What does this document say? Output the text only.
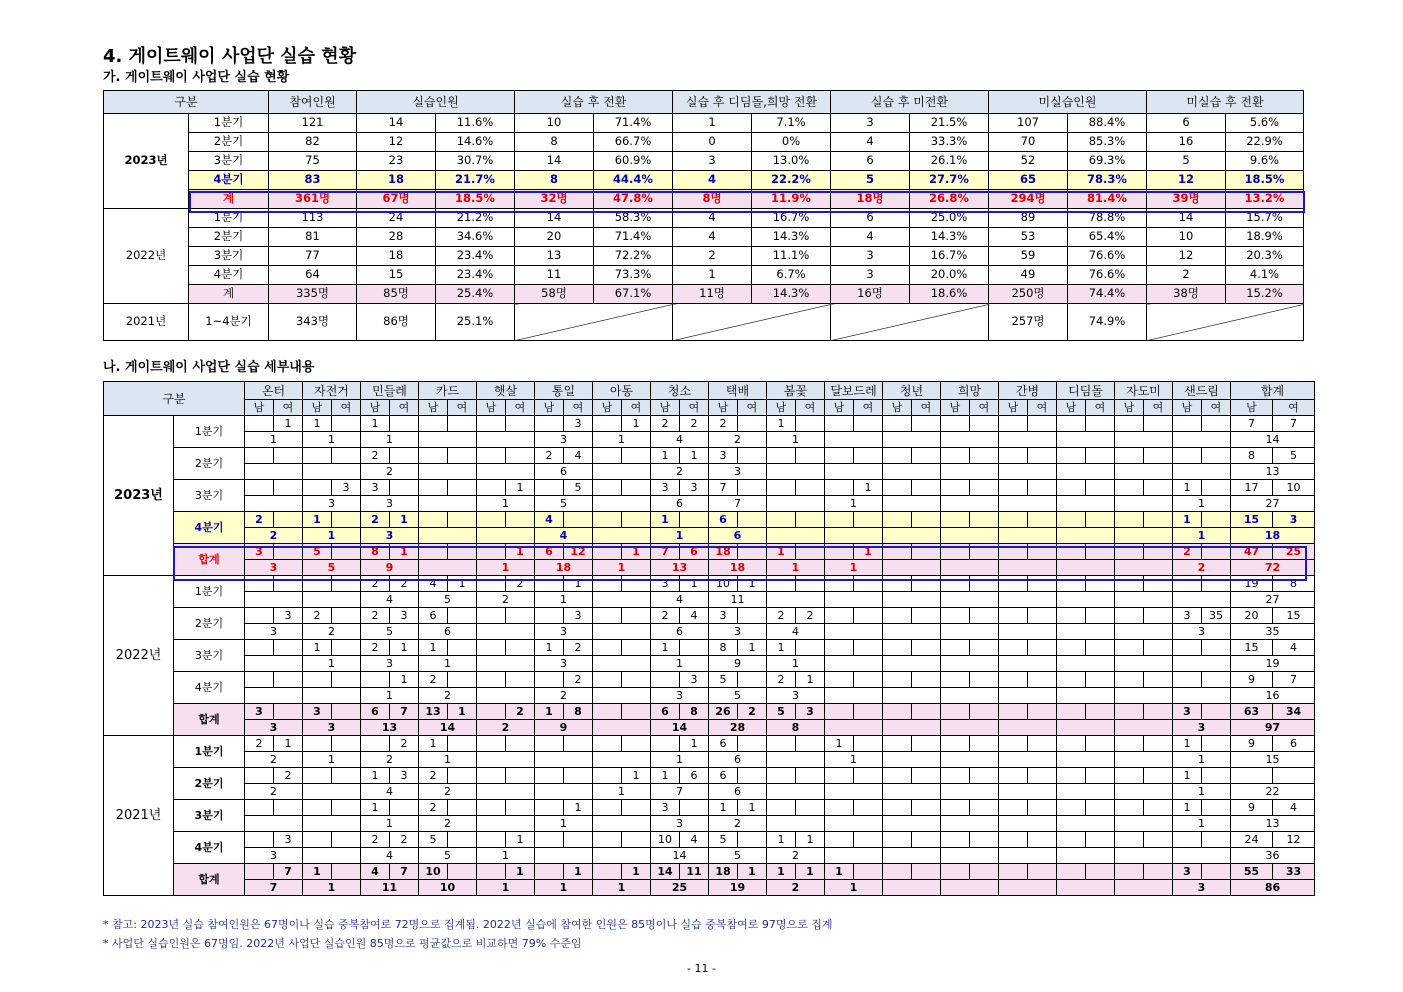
4. 게이트웨이 사업단 실습 현황
가. 게이트웨이 사업단 실습 현황
구분		참여인원	실습인원		실습 후 전환		실습 후 디딤돌,희망 전환		실습 후 미전환		미실습인원		미실습 후 전환	
2023년	1분기	121	14	11.6%	10	71.4%	1	7.1%	3	21.5%	107	88.4%	6	5.6%
	2분기	82	12	14.6%	8	66.7%	0	0%	4	33.3%	70	85.3%	16	22.9%
	3분기	75	23	30.7%	14	60.9%	3	13.0%	6	26.1%	52	69.3%	5	9.6%
	4분기	83	18	21.7%	8	44.4%	4	22.2%	5	27.7%	65	78.3%	12	18.5%
	계	361명	67명	18.5%	32명	47.8%	8명	11.9%	18명	26.8%	294명	81.4%	39명	13.2%
2022년	1분기	113	24	21.2%	14	58.3%	4	16.7%	6	25.0%	89	78.8%	14	15.7%
	2분기	81	28	34.6%	20	71.4%	4	14.3%	4	14.3%	53	65.4%	10	18.9%
	3분기	77	18	23.4%	13	72.2%	2	11.1%	3	16.7%	59	76.6%	12	20.3%
	4분기	64	15	23.4%	11	73.3%	1	6.7%	3	20.0%	49	76.6%	2	4.1%
	계	335명	85명	25.4%	58명	67.1%	11명	14.3%	16명	18.6%	250명	74.4%	38명	15.2%
2021년	1~4분기	343명	86명	25.1%							257명	74.9%		
나. 게이트웨이 사업단 실습 세부내용
구분		온터		자전거		민들레		카드		햇살		통일		아동		청소		택배		봄꽃		달보드레		청년		희망		간병		디딤돌		자도미		샌드림		합계	
		남	여	남	여	남	여	남	여	남	여	남	여	남	여	남	여	남	여	남	여	남	여	남	여	남	여	남	여	남	여	남	여	남	여	남	여
2023년	1분기		1	1		1							3		1	2	2	2		1																7	7
		1		1		1						3		1		4		2		1																14	
	2분기					2						2	4			1	1	3																		8	5
						2						6				2		3																		13	
	3분기				3	3					1		5			3	3	7					1											1		17	10
				3		3				1		5				6		7				1												1		27	
	4분기	2		1		2	1					4				1		6																1		15	3
		2		1		3						4				1		6																1		18	
	합계	3		5		8	1				1	6	12		1	7	6	18		1			1											2		47	25
		3		5		9				1		18		1		13		18		1		1												2		72	
2022년	1분기					2	2	4	1		2		1			3	1	10	1																	19	8
						4		5		2		1				4		11																		27	
	2분기		3	2		2	3	6					3			2	4	3		2	2													3	35	20	15
		3		2		5		6				3				6		3		4														3		35	
	3분기			1		2	1	1				1	2			1		8	1	1																15	4
				1		3		1				3				1		9		1																19	
	4분기						1	2					2				3	5		2	1															9	7
						1		2				2				3		5		3																16	
	합계	3		3		6	7	13	1		2	1	8			6	8	26	2	5	3													3		63	34
		3		3		13		14		2		9				14		28		8														3		97	
2021년	1분기	2	1				2	1									1	6				1												1		9	6
		2		1		2		1								1		6				1												1		15	
	2분기		2			1	3	2							1	1	6	6																1			
		2				4		2						1		7		6																1		22	
	3분기					1		2					1			3		1	1															1		9	4
						1		2				1				3		2																1		13	
	4분기		3			2	2	5			1					10	4	5		1	1															24	12
		3				4		5		1						14		5		2																36	
	합계		7	1		4	7	10			1		1		1	14	11	18	1	1	1	1												3		55	33
		7		1		11		10		1		1		1		25		19		2		1												3		86	
* 참고: 2023년 실습 참여인원은 67명이나 실습 중복참여로 72명으로 집계됨. 2022년 실습에 참여한 인원은 85명이나 실습 중복참여로 97명으로 집계
* 사업단 실습인원은 67명임. 2022년 사업단 실습인원 85명으로 평균값으로 비교하면 79% 수준임
- 11 -
